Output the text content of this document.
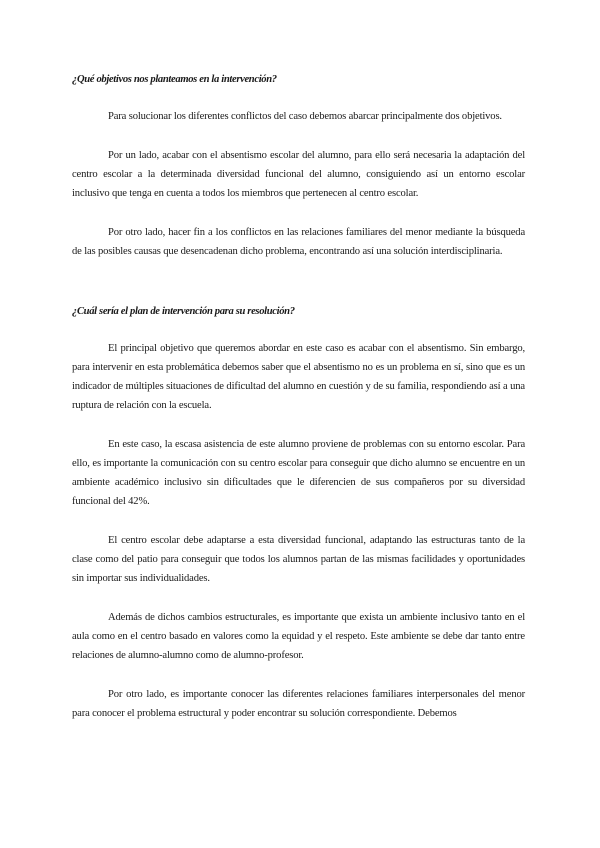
¿Qué objetivos nos planteamos en la intervención?

Para solucionar los diferentes conflictos del caso debemos abarcar principalmente dos objetivos.

Por un lado, acabar con el absentismo escolar del alumno, para ello será necesaria la adaptación del centro escolar a la determinada diversidad funcional del alumno, consiguiendo así un entorno escolar inclusivo que tenga en cuenta a todos los miembros que pertenecen al centro escolar.

Por otro lado, hacer fin a los conflictos en las relaciones familiares del menor mediante la búsqueda de las posibles causas que desencadenan dicho problema, encontrando así una solución interdisciplinaria.

¿Cuál sería el plan de intervención para su resolución?

El principal objetivo que queremos abordar en este caso es acabar con el absentismo. Sin embargo, para intervenir en esta problemática debemos saber que el absentismo no es un problema en sí, sino que es un indicador de múltiples situaciones de dificultad del alumno en cuestión y de su familia, respondiendo así a una ruptura de relación con la escuela.

En este caso, la escasa asistencia de este alumno proviene de problemas con su entorno escolar. Para ello, es importante la comunicación con su centro escolar para conseguir que dicho alumno se encuentre en un ambiente académico inclusivo sin dificultades que le diferencien de sus compañeros por su diversidad funcional del 42%.

El centro escolar debe adaptarse a esta diversidad funcional, adaptando las estructuras tanto de la clase como del patio para conseguir que todos los alumnos partan de las mismas facilidades y oportunidades sin importar sus individualidades.

Además de dichos cambios estructurales, es importante que exista un ambiente inclusivo tanto en el aula como en el centro basado en valores como la equidad y el respeto. Este ambiente se debe dar tanto entre relaciones de alumno-alumno como de alumno-profesor.

Por otro lado, es importante conocer las diferentes relaciones familiares interpersonales del menor para conocer el problema estructural y poder encontrar su solución correspondiente. Debemos
